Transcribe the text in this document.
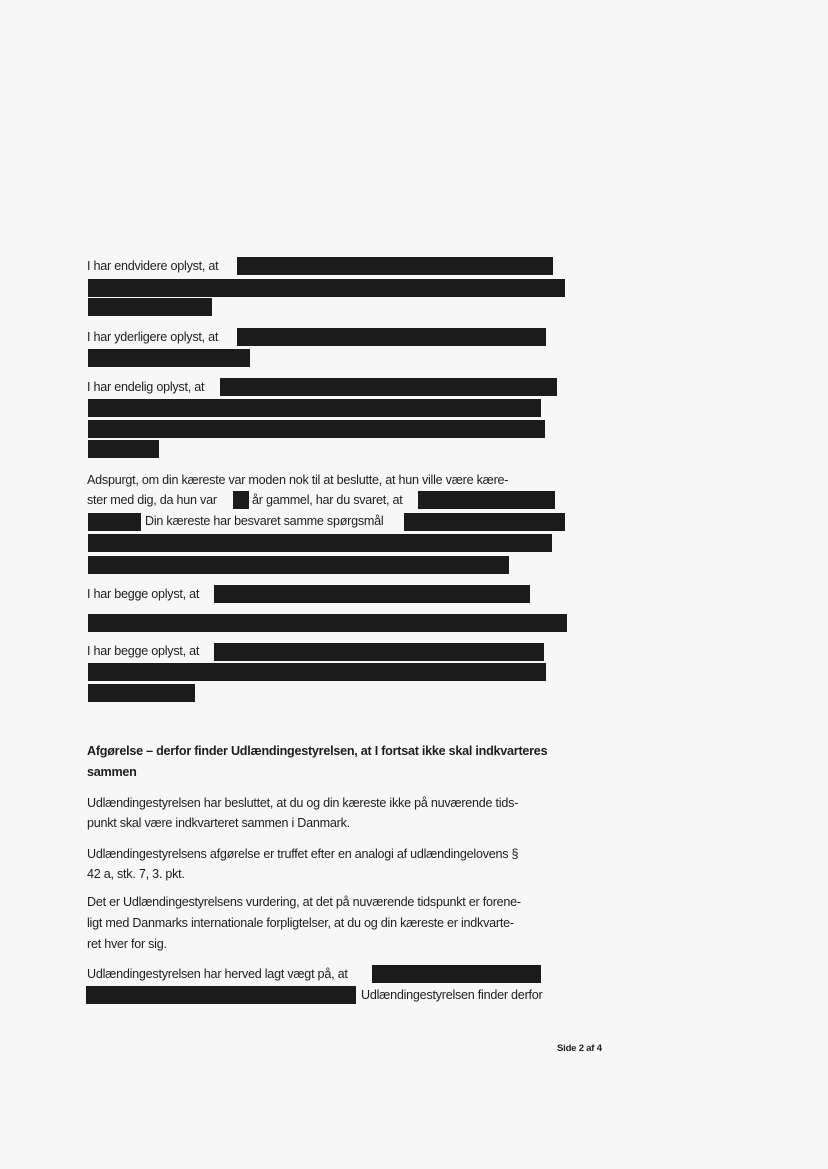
I har endvidere oplyst, at
I har yderligere oplyst, at
I har endelig oplyst, at
Adspurgt, om din kæreste var moden nok til at beslutte, at hun ville være kære-
ster med dig, da hun var	år gammel, har du svaret, at
Din kæreste har besvaret samme spørgsmål
I har begge oplyst, at
I har begge oplyst, at
Afgørelse – derfor finder Udlændingestyrelsen, at I fortsat ikke skal indkvarteres
sammen
Udlændingestyrelsen har besluttet, at du og din kæreste ikke på nuværende tids-
punkt skal være indkvarteret sammen i Danmark.
Udlændingestyrelsens afgørelse er truffet efter en analogi af udlændingelovens §
42 a, stk. 7, 3. pkt.
Det er Udlændingestyrelsens vurdering, at det på nuværende tidspunkt er forene-
ligt med Danmarks internationale forpligtelser, at du og din kæreste er indkvarte-
ret hver for sig.
Udlændingestyrelsen har herved lagt vægt på, at
Udlændingestyrelsen finder derfor
Side 2 af 4
